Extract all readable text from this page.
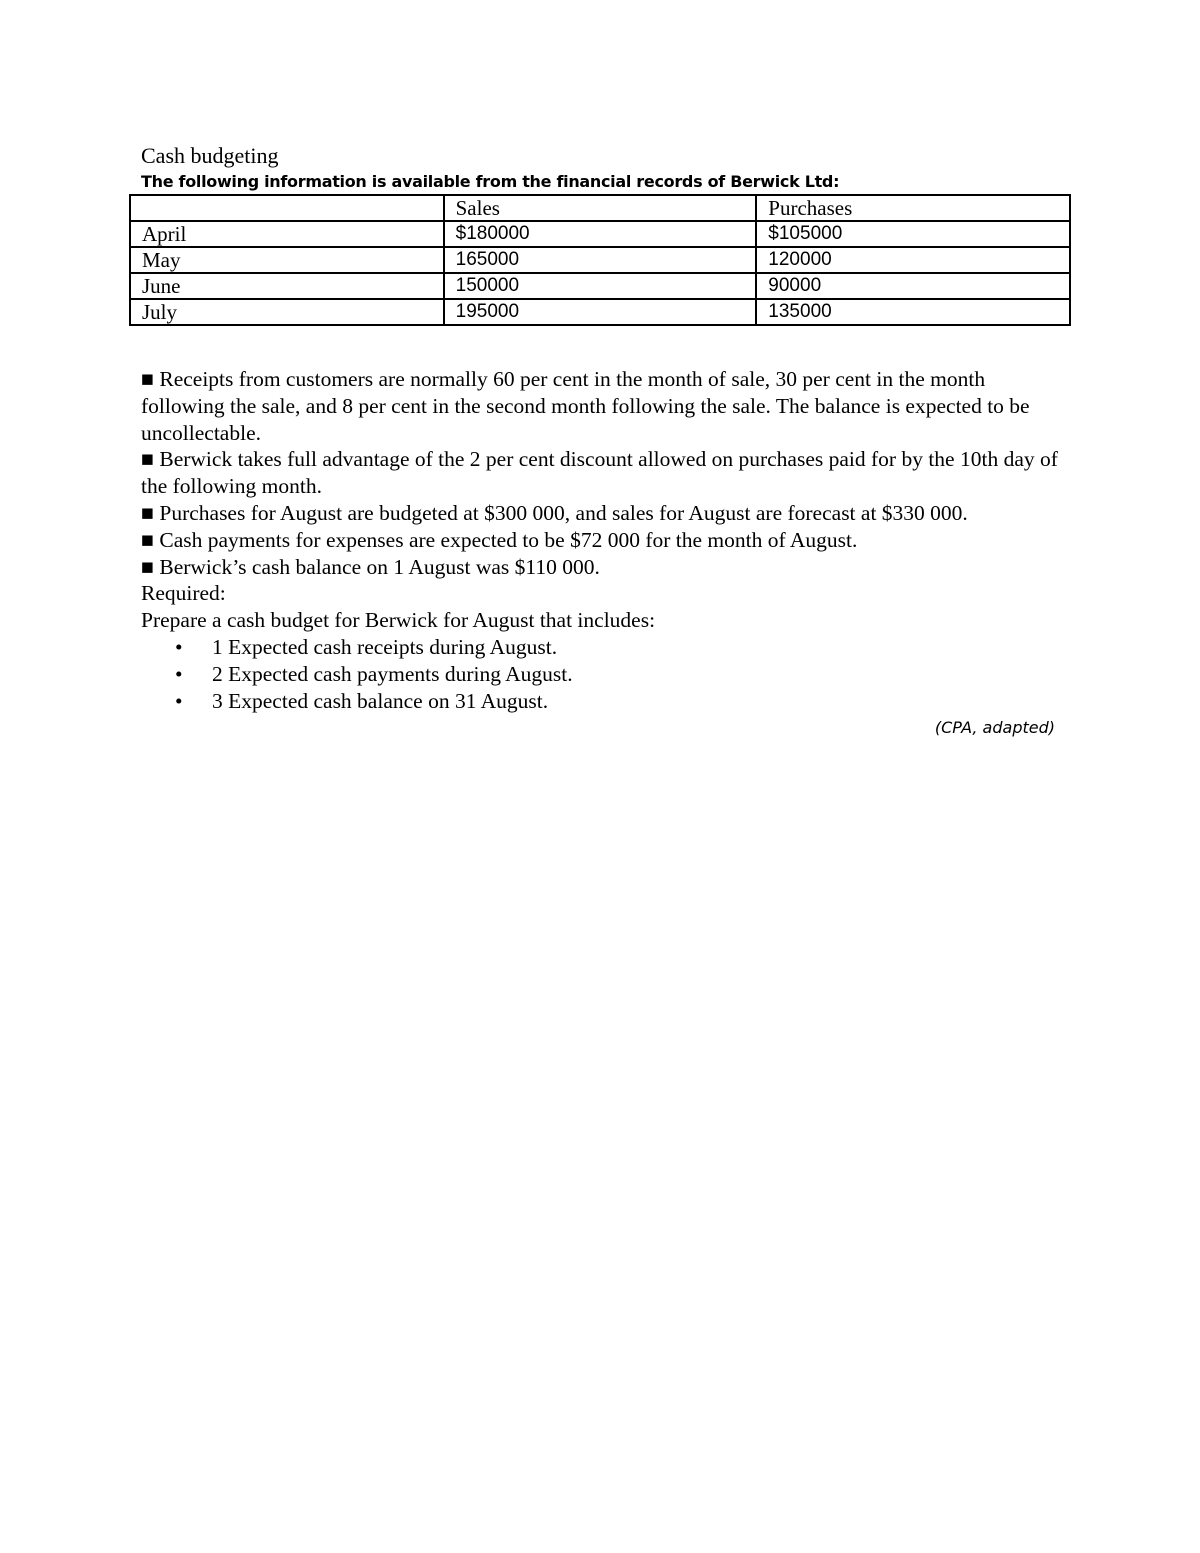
Cash budgeting

The following information is available from the financial records of Berwick Ltd:

	Sales	Purchases
April	$180000	$105000
May	165000	120000
June	150000	90000
July	195000	135000

■ Receipts from customers are normally 60 per cent in the month of sale, 30 per cent in the month following the sale, and 8 per cent in the second month following the sale. The balance is expected to be uncollectable.

■ Berwick takes full advantage of the 2 per cent discount allowed on purchases paid for by the 10th day of the following month.

■ Purchases for August are budgeted at $300 000, and sales for August are forecast at $330 000.

■ Cash payments for expenses are expected to be $72 000 for the month of August.

■ Berwick’s cash balance on 1 August was $110 000.

Required:

Prepare a cash budget for Berwick for August that includes:

• 1 Expected cash receipts during August.
• 2 Expected cash payments during August.
• 3 Expected cash balance on 31 August.
(CPA, adapted)
